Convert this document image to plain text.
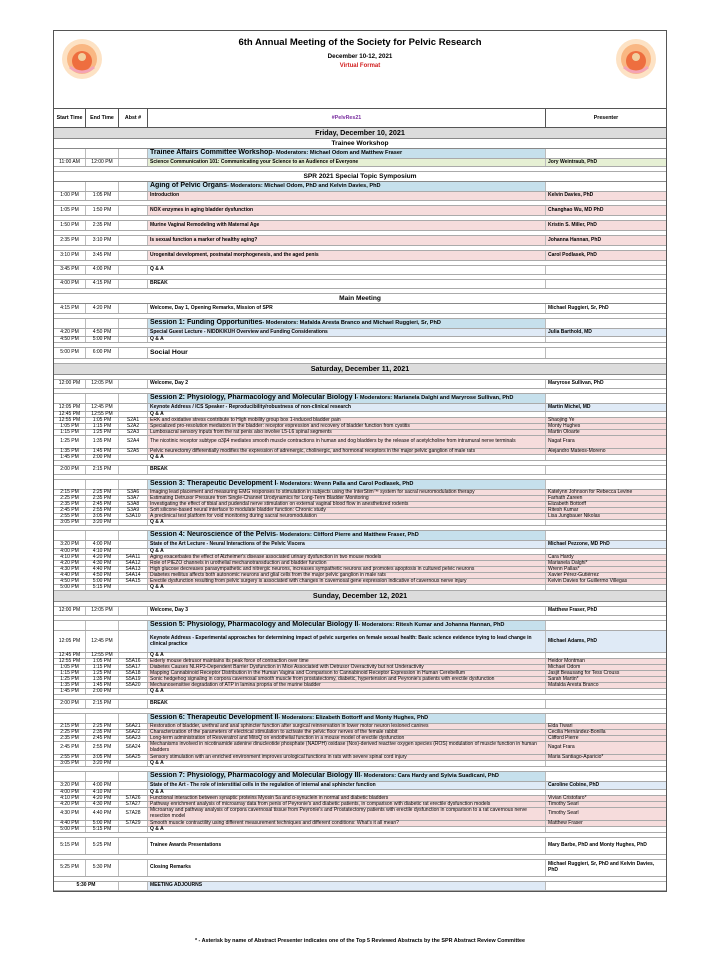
6th Annual Meeting of the Society for Pelvic Research
December 10-12, 2021
Virtual Format
Start Time	End Time	Abst #	#PelvRes21	Presenter
Friday, December 10, 2021
Trainee Workshop
Trainee Affairs Committee Workshop - Moderators: Michael Odom and Matthew Fraser
11:00 AM	12:00 PM	Science Communication 101: Communicating your Science to an Audience of Everyone	Jory Weintraub, PhD
SPR 2021 Special Topic Symposium
Aging of Pelvic Organs - Moderators: Michael Odom, PhD and Kelvin Davies, PhD
1:00 PM	1:05 PM	Introduction	Kelvin Davies, PhD
1:05 PM	1:50 PM	NOX enzymes in aging bladder dysfunction	Changhao Wu, MD PhD
1:50 PM	2:35 PM	Murine Vaginal Remodeling with Maternal Age	Kristin S. Miller, PhD
2:35 PM	3:10 PM	Is sexual function a marker of healthy aging?	Johanna Hannan, PhD
3:10 PM	3:45 PM	Urogenital development, postnatal morphogenesis, and the aged penis	Carol Podlasek, PhD
3:45 PM	4:00 PM	Q & A
4:00 PM	4:15 PM	BREAK
Main Meeting
4:15 PM	4:20 PM	Welcome, Day 1, Opening Remarks, Mission of SPR	Michael Ruggieri, Sr, PhD
Session 1: Funding Opportunities - Moderators: Mafalda Aresta Branco and Michael Ruggieri, Sr, PhD
4:20 PM	4:50 PM	Special Guest Lecture - NIDDK/KUH Overview and Funding Considerations	Julia Barthold, MD
4:50 PM	5:00 PM	Q & A
5:00 PM	6:00 PM	Social Hour
Saturday, December 11, 2021
12:00 PM	12:05 PM	Welcome, Day 2	Maryrose Sullivan, PhD
Session 2: Physiology, Pharmacology and Molecular Biology I - Moderators: Marianela Dalghi and Maryrose Sullivan, PhD
12:05 PM	12:45 PM	Keynote Address / ICS Speaker - Reproducibility/robustness of non-clinical research	Martin Michel, MD
12:45 PM	12:55 PM	Q & A
12:55 PM	1:05 PM	S2A1	ERK and oxidative stress contribute to High mobility group box 1-induced bladder pain	Shaojing Ye
1:05 PM	1:15 PM	S2A2	Specialized pro-resolution mediators in the bladder: receptor expression and recovery of bladder function from cystitis	Monty Hughes
1:15 PM	1:25 PM	S2A3	Lumbosacral sensory inputs from the rat penis also involve L5-L6 spinal segments	Martin Oloarte
1:25 PM	1:35 PM	S2A4	The nicotinic receptor subtype α3β4 mediates smooth muscle contractions in human and dog bladders by the release of acetylcholine from intramural nerve terminals	Nagat Frara
1:35 PM	1:45 PM	S2A5	Pelvic neurectomy differentially modifies the expression of adrenergic, cholinergic, and hormonal receptors in the major pelvic ganglion of male rats	Alejandro Mateos-Moreno
1:45 PM	2:00 PM	Q & A
2:00 PM	2:15 PM	BREAK
Session 3: Therapeutic Development I - Moderators: Wrenn Palla and Carol Podlasek, PhD
2:15 PM	2:25 PM	S3A6	Imaging lead placement and measuring EMG responses to stimulation in subjects using the InterStim™ system for sacral neuromodulation therapy	Katelynn Johnson for Rebecca Levine
2:25 PM	2:35 PM	S3A7	Estimating Detrusor Pressure from Single-Channel Urodynamics for Long-Term Bladder Monitoring	Farhath Zareen
2:35 PM	2:45 PM	S3A8	Investigating the effect of tibial and pudendal nerve stimulation on external vaginal blood flow in anesthetized rodents	Elizabeth Bottorff
2:45 PM	2:55 PM	S3A9	Soft silicone-based neural interface to modulate bladder function: Chronic study	Ritesh Kumar
2:55 PM	3:05 PM	S3A10	A preclinical test platform for void monitoring during sacral neuromodulation	Lisa Jungbauer Nikolas
3:05 PM	3:20 PM	Q & A
Session 4: Neuroscience of the Pelvis - Moderators: Clifford Pierre and Matthew Fraser, PhD
3:20 PM	4:00 PM	State of the Art Lecture - Neural Interactions of the Pelvic Viscera	Michael Pezzone, MD PhD
4:00 PM	4:10 PM	Q & A
4:10 PM	4:20 PM	S4A11	Aging exacerbates the effect of Alzheimer's disease associated urinary dysfunction in two mouse models	Cara Hardy
4:20 PM	4:30 PM	S4A12	Role of PIEZO channels in urothelial mechanotransduction and bladder function	Marianela Dalghi*
4:30 PM	4:40 PM	S4A13	High glucose decreases parasympathetic and nitrergic neurons, increases sympathetic neurons and promotes apoptosis in cultured pelvic neurons	Wrenn Pallas*
4:40 PM	4:50 PM	S4A14	Diabetes mellitus affects both autonomic neurons and glial cells from the major pelvic ganglion in male rats	Xavier Pérez-Gutiérrez
4:50 PM	5:00 PM	S4A15	Erectile dysfunction resulting from pelvic surgery is associated with changes in cavernosal gene expression indicative of cavernous nerve injury	Kelvin Davies for Guillermo Villegas
5:00 PM	5:15 PM	Q & A
Sunday, December 12, 2021
12:00 PM	12:05 PM	Welcome, Day 3	Matthew Fraser, PhD
Session 5: Physiology, Pharmacology and Molecular Biology II - Moderators: Ritesh Kumar and Johanna Hannan, PhD
12:05 PM	12:45 PM	Keynote Address - Experimental approaches for determining impact of pelvic surgeries on female sexual health: Basic science evidence trying to lead change in clinical practice	Michael Adams, PhD
12:45 PM	12:55 PM	Q & A
12:55 PM	1:05 PM	S5A16	Elderly mouse detrusor maintains its peak force of contraction over time	Heidor Montman
1:05 PM	1:15 PM	S5A17	Diabetes Causes NLRP3-Dependent Barrier Dysfunction in Mice Associated with Detrusor Overactivity but not Underactivity	Michael Odom
1:15 PM	1:25 PM	S5A18	Mapping Cannabinoid Receptor Distribution in the Human Vagina and Comparison to Cannabinoid Receptor Expression in Human Cerebellum	Jasjit Beausang for Tess Crouss
1:25 PM	1:35 PM	S5A19	Sonic hedgehog signaling in corpora cavernosal smooth muscle from prostatectomy, diabetic, hypertension and Peyronie's patients with erectile dysfunction	Sarah Martin*
1:35 PM	1:45 PM	S5A20	Mechanosensitive degradation of ATP in lamina propria of the murine bladder	Mafalda Aresta Branco
1:45 PM	2:00 PM	Q & A
2:00 PM	2:15 PM	BREAK
Session 6: Therapeutic Development II - Moderators: Elizabeth Bottorff and Monty Hughes, PhD
2:15 PM	2:25 PM	S6A21	Restoration of bladder, urethral and anal sphincter function after surgical reinnervation in lower motor neuron lesioned canines	Elda Tiwari
2:25 PM	2:35 PM	S6A22	Characterization of the parameters of electrical stimulation to activate the pelvic floor nerves of the female rabbit	Cecilia Hernández-Bonilla
2:35 PM	2:45 PM	S6A23	Long-term administration of Resveratrol and MitoQ on endothelial function in a mouse model of erectile dysfunction	Clifford Pierre
2:45 PM	2:55 PM	S6A24	Mechanisms involved in nicotinamide adenine dinucleotide phosphate (NADPH) oxidase (Nox)-derived reactive oxygen species (ROS) modulation of muscle function in human bladders	Nagat Frara
2:55 PM	3:05 PM	S6A25	Sensory stimulation with an enriched environment improves urological functions in rats with severe spinal cord injury	Maria Santiago-Aparicio*
3:05 PM	3:20 PM	Q & A
Session 7: Physiology, Pharmacology and Molecular Biology III - Moderators: Cara Hardy and Sylvia Suadicani, PhD
3:20 PM	4:00 PM	State of the Art - The role of interstitial cells in the regulation of internal anal sphincter function	Caroline Cobine, PhD
4:00 PM	4:10 PM	Q & A
4:10 PM	4:20 PM	S7A26	Functional interaction between synaptic proteins Myosin 5a and α-synuclein in normal and diabetic bladders	Vivian Cristofaro*
4:20 PM	4:30 PM	S7A27	Pathway enrichment analysis of microarray data from penis of Peyronie's and diabetic patients, in comparison with diabetic rat erectile dysfunction models	Timothy Searl
4:30 PM	4:40 PM	S7A28	Microarray and pathway analysis of corpora cavernosal tissue from Peyronie's and Prostatectomy patients with erectile dysfunction in comparison to a rat cavernous nerve resection model	Timothy Searl
4:40 PM	5:00 PM	S7A29	Smooth muscle contractility using different measurement techniques and different conditions: What's it all mean?	Matthew Fraser
5:00 PM	5:15 PM	Q & A
5:15 PM	5:25 PM	Trainee Awards Presentations	Mary Barbe, PhD and Monty Hughes, PhD
5:25 PM	5:30 PM	Closing Remarks	Michael Ruggieri, Sr, PhD and Kelvin Davies, PhD
5:30 PM	MEETING ADJOURNS
* - Asterisk by name of Abstract Presenter indicates one of the Top 5 Reviewed Abstracts by the SPR Abstract Review Committee
